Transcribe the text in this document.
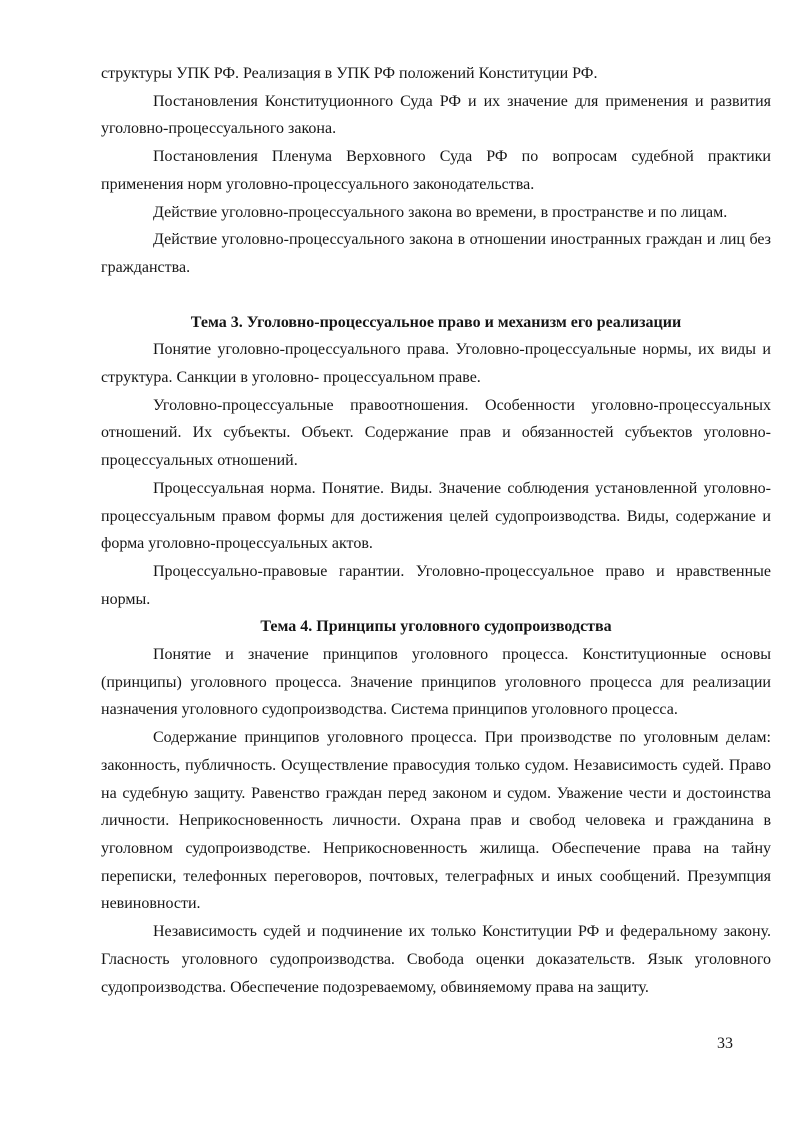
структуры УПК РФ. Реализация в УПК РФ положений Конституции РФ.

Постановления Конституционного Суда РФ и их значение для применения и развития уголовно-процессуального закона.

Постановления Пленума Верховного Суда РФ по вопросам судебной практики применения норм уголовно-процессуального законодательства.

Действие уголовно-процессуального закона во времени, в пространстве и по лицам.

Действие уголовно-процессуального закона в отношении иностранных граждан и лиц без гражданства.

Тема 3. Уголовно-процессуальное право и механизм его реализации

Понятие уголовно-процессуального права. Уголовно-процессуальные нормы, их виды и структура. Санкции в уголовно- процессуальном праве.

Уголовно-процессуальные правоотношения. Особенности уголовно-процессуальных отношений. Их субъекты. Объект. Содержание прав и обязанностей субъектов уголовно-процессуальных отношений.

Процессуальная норма. Понятие. Виды. Значение соблюдения установленной уголовно-процессуальным правом формы для достижения целей судопроизводства. Виды, содержание и форма уголовно-процессуальных актов.

Процессуально-правовые гарантии. Уголовно-процессуальное право и нравственные нормы.

Тема 4. Принципы уголовного судопроизводства

Понятие и значение принципов уголовного процесса. Конституционные основы (принципы) уголовного процесса. Значение принципов уголовного процесса для реализации назначения уголовного судопроизводства. Система принципов уголовного процесса.

Содержание принципов уголовного процесса. При производстве по уголовным делам: законность, публичность. Осуществление правосудия только судом. Независимость судей. Право на судебную защиту. Равенство граждан перед законом и судом. Уважение чести и достоинства личности. Неприкосновенность личности. Охрана прав и свобод человека и гражданина в уголовном судопроизводстве. Неприкосновенность жилища. Обеспечение права на тайну переписки, телефонных переговоров, почтовых, телеграфных и иных сообщений. Презумпция невиновности.

Независимость судей и подчинение их только Конституции РФ и федеральному закону. Гласность уголовного судопроизводства. Свобода оценки доказательств. Язык уголовного судопроизводства. Обеспечение подозреваемому, обвиняемому права на защиту.

33
